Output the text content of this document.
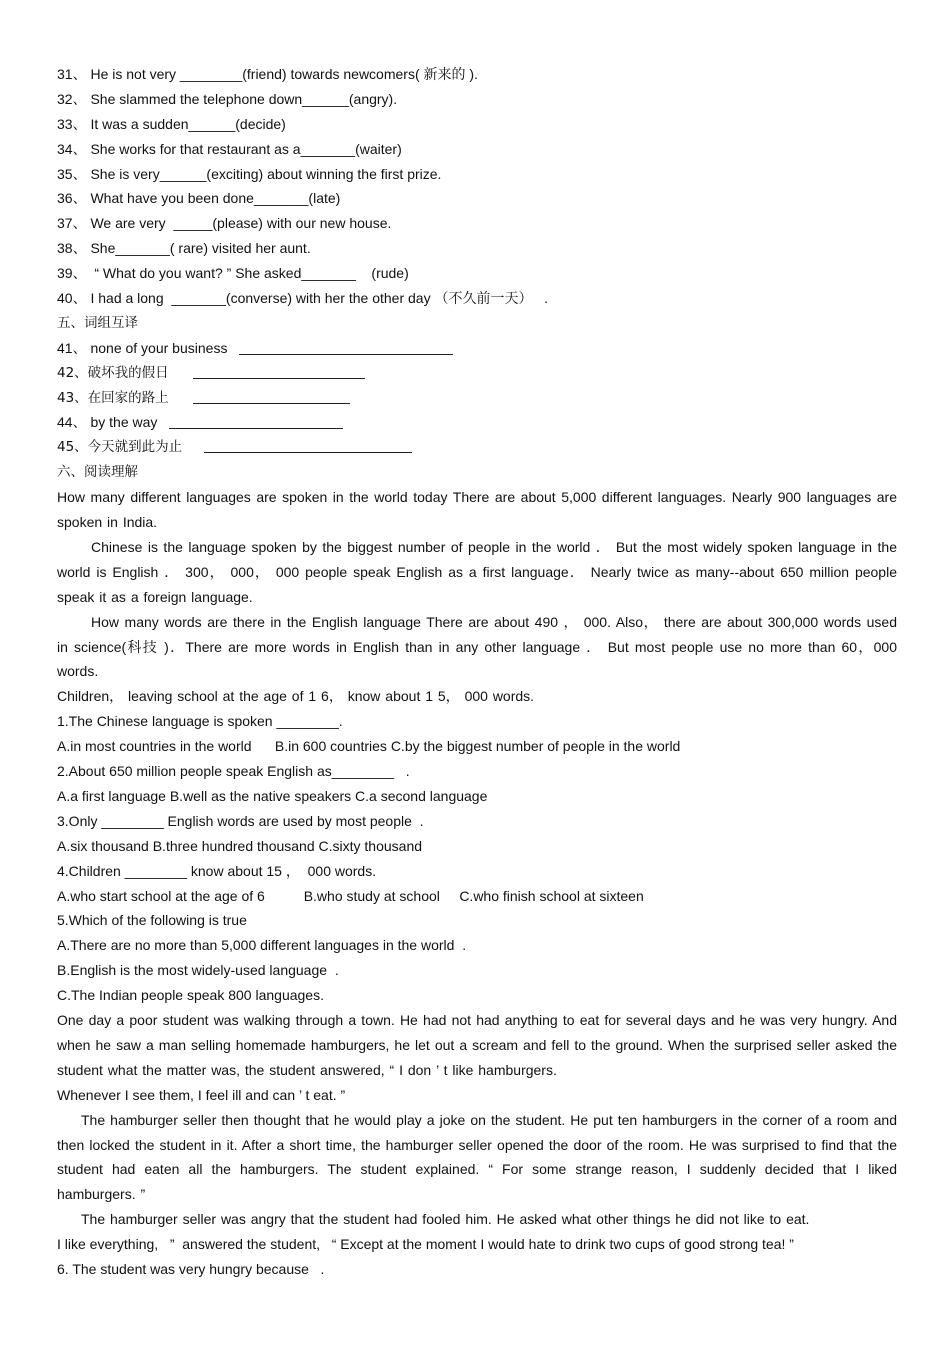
31、 He is not very ________(friend) towards newcomers( 新来的 ).
32、 She slammed the telephone down______(angry).
33、 It was a sudden______(decide)
34、 She works for that restaurant as a_______(waiter)
35、 She is very______(exciting) about winning the first prize.
36、 What have you been done_______(late)
37、 We are very  _____(please) with our new house.
38、 She_______( rare) visited her aunt.
39、  “ What do you want? ” She asked_______    (rude)
40、 I had a long  _______(converse) with her the other day （不久前一天）   .
五、词组互译
41、 none of your business
42、破坏我的假日
43、在回家的路上
44、 by the way
45、今天就到此为止
六、阅读理解

How many different languages are spoken in the world today There are about 5,000 different languages. Nearly 900 languages are spoken in India.

Chinese is the language spoken by the biggest number of people in the world ． But the most widely spoken language in the world is English ． 300， 000， 000 people speak English as a first language． Nearly twice as many--about 650 million people speak it as a foreign language.

How many words are there in the English language There are about 490 ， 000. Also， there are about 300,000 words used in science(科技 )．There are more words in English than in any other language ． But most people use no more than 60，000 words.

Children， leaving school at the age of 1 6， know about 1 5， 000 words.

1.The Chinese language is spoken ________.
A.in most countries in the world      B.in 600 countries C.by the biggest number of people in the world
2.About 650 million people speak English as________   .
A.a first language B.well as the native speakers C.a second language
3.Only ________ English words are used by most people  .
A.six thousand B.three hundred thousand C.sixty thousand
4.Children ________ know about 15 ，  000 words.
A.who start school at the age of 6          B.who study at school     C.who finish school at sixteen
5.Which of the following is true
A.There are no more than 5,000 different languages in the world  .
B.English is the most widely-used language  .
C.The Indian people speak 800 languages.

One day a poor student was walking through a town. He had not had anything to eat for several days and he was very hungry. And when he saw a man selling homemade hamburgers, he let out a scream and fell to the ground. When the surprised seller asked the student what the matter was, the student answered, “ I don ’ t like hamburgers.

Whenever I see them, I feel ill and can ’ t eat. ”

The hamburger seller then thought that he would play a joke on the student. He put ten hamburgers in the corner of a room and then locked the student in it. After a short time, the hamburger seller opened the door of the room. He was surprised to find that the student had eaten all the hamburgers. The student explained. “ For some strange reason, I suddenly decided that I liked hamburgers. ”

The hamburger seller was angry that the student had fooled him. He asked what other things he did not like to eat.

I like everything,   ”  answered the student,   “ Except at the moment I would hate to drink two cups of good strong tea! ”
6. The student was very hungry because   .
